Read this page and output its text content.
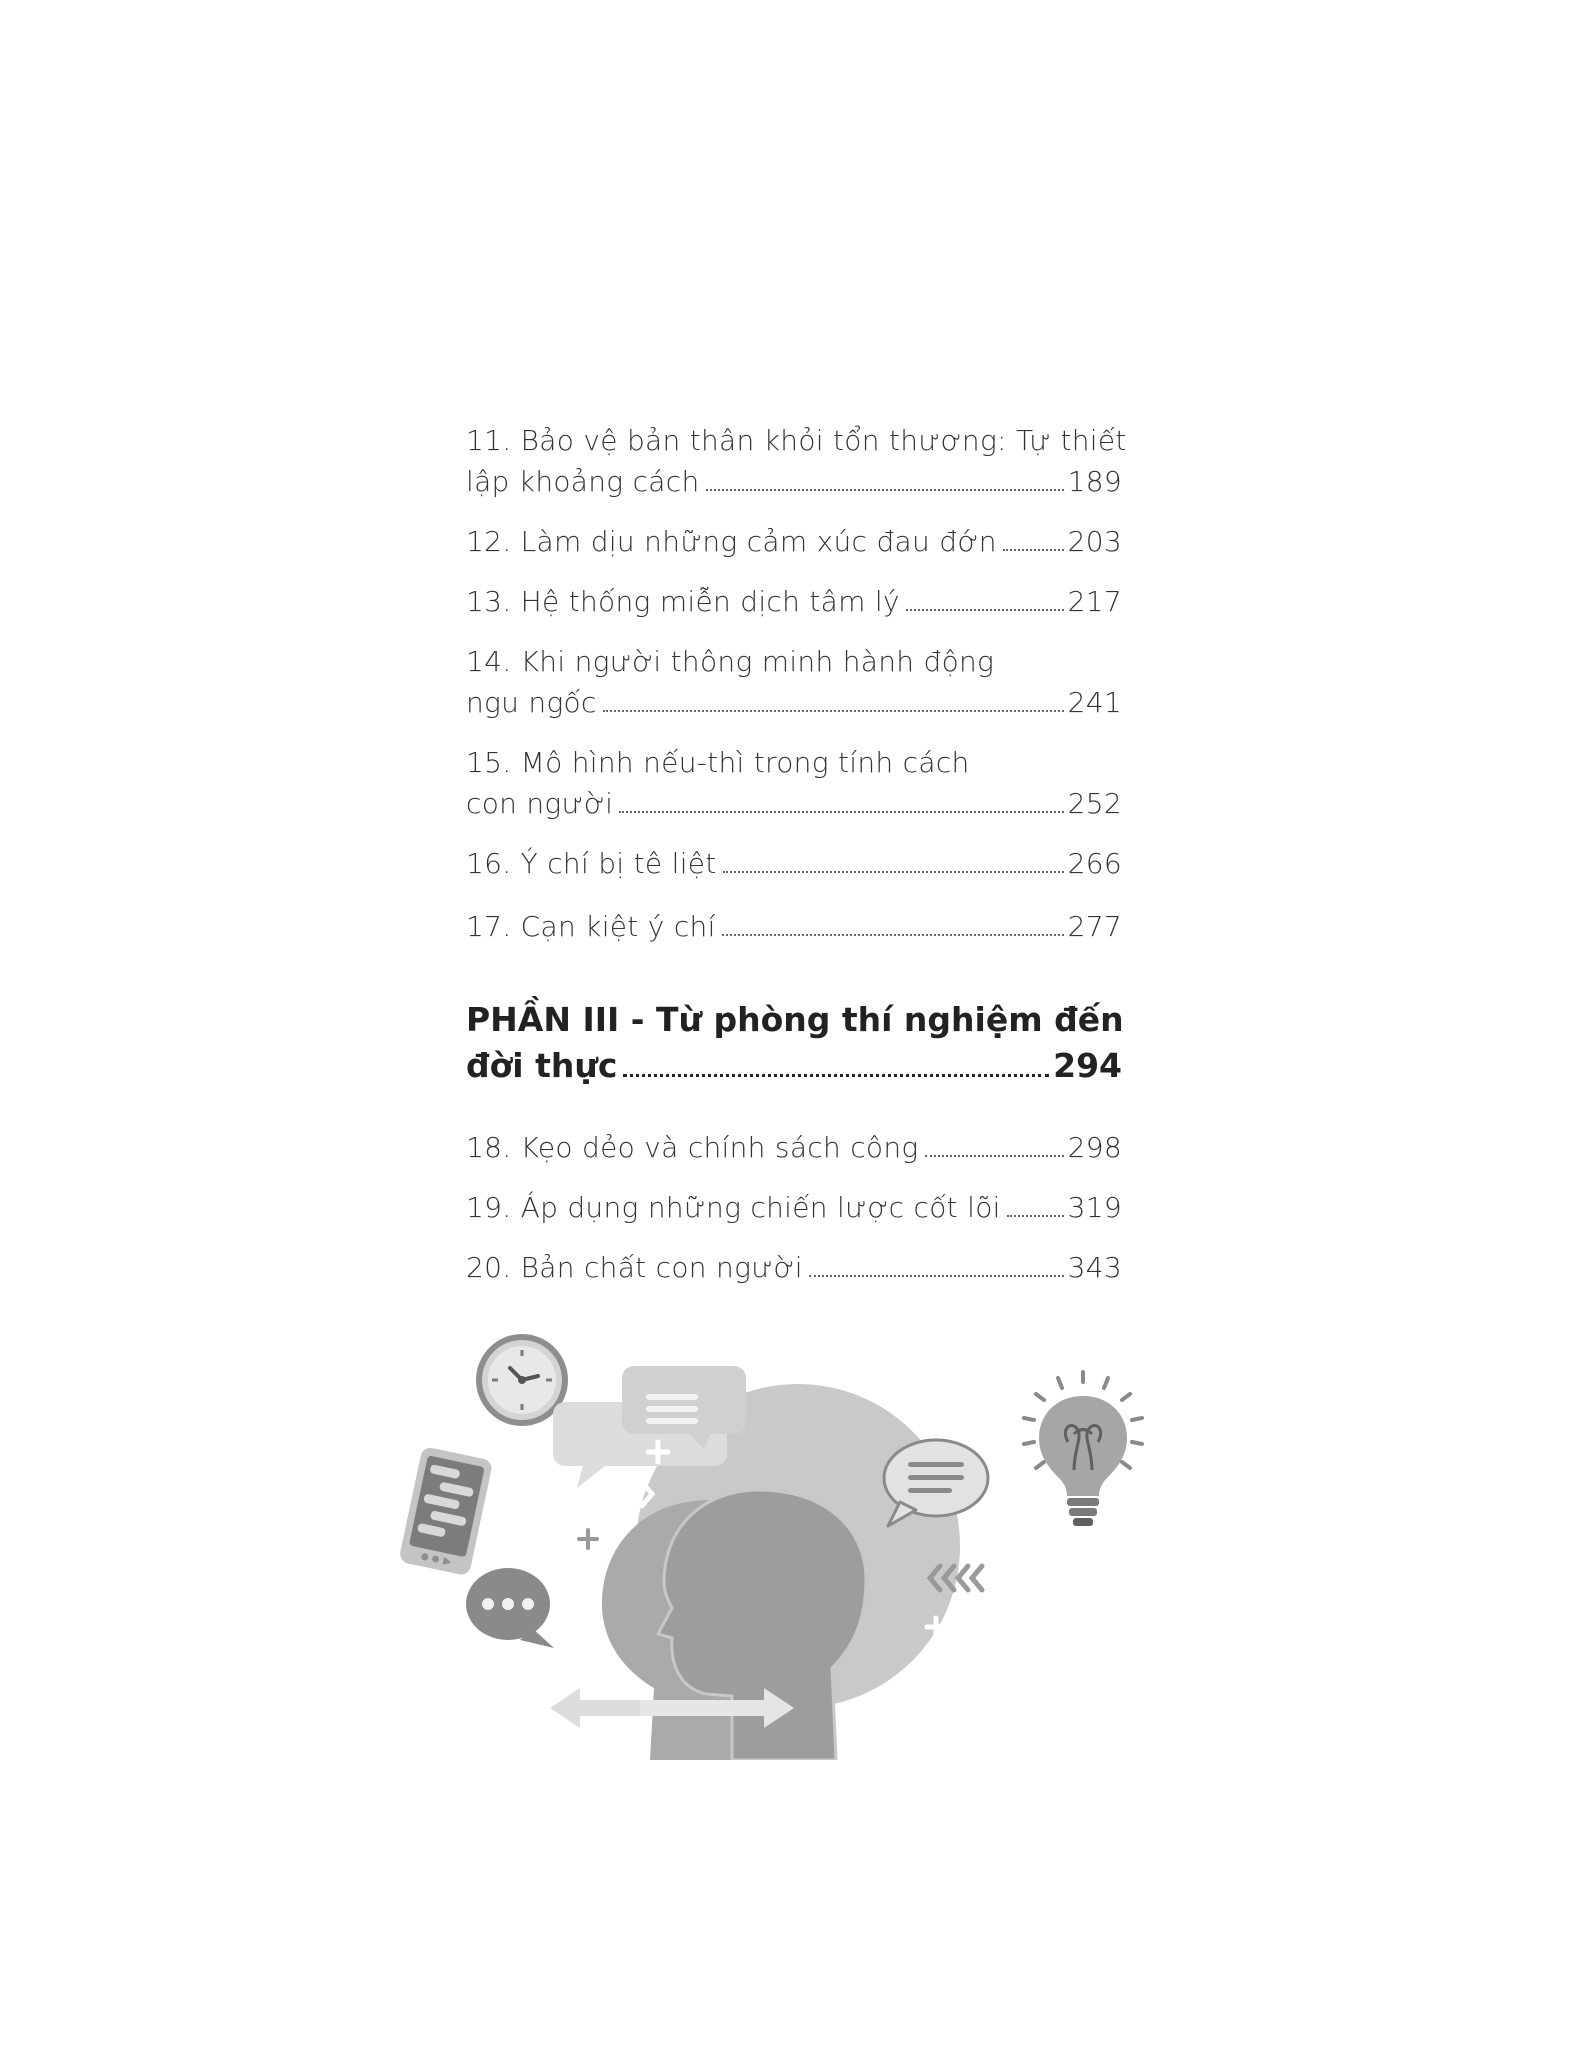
11. Bảo vệ bản thân khỏi tổn thương: Tự thiết
lập khoảng cách	189
12. Làm dịu những cảm xúc đau đớn	203
13. Hệ thống miễn dịch tâm lý	217
14. Khi người thông minh hành động
ngu ngốc	241
15. Mô hình nếu-thì trong tính cách
con người	252
16. Ý chí bị tê liệt	266
17. Cạn kiệt ý chí	277
PHẦN III - Từ phòng thí nghiệm đến
đời thực	294
18. Kẹo dẻo và chính sách công	298
19. Áp dụng những chiến lược cốt lõi 319
20. Bản chất con người	343
